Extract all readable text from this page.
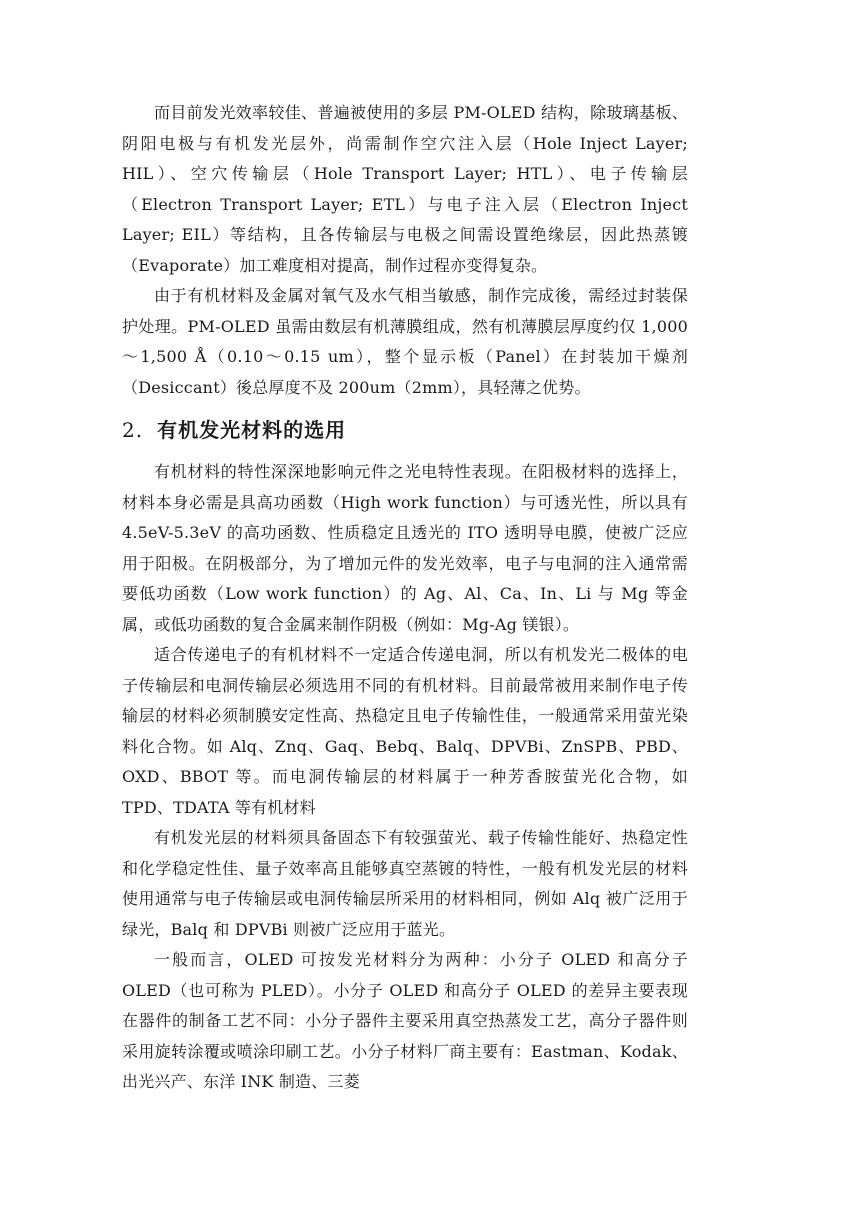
而目前发光效率较佳、普遍被使用的多层 PM-OLED 结构，除玻璃基板、阴阳电极与有机发光层外，尚需制作空穴注入层（Hole Inject Layer; HIL）、空穴传输层（Hole Transport Layer; HTL）、电子传输层（Electron Transport Layer; ETL）与电子注入层（Electron Inject Layer; EIL）等结构，且各传输层与电极之间需设置绝缘层，因此热蒸镀（Evaporate）加工难度相对提高，制作过程亦变得复杂。

由于有机材料及金属对氧气及水气相当敏感，制作完成後，需经过封装保护处理。PM-OLED 虽需由数层有机薄膜组成，然有机薄膜层厚度约仅 1,000～1,500 Å（0.10～0.15 um），整个显示板（Panel）在封装加干燥剂（Desiccant）後总厚度不及 200um（2mm），具轻薄之优势。

2. 有机发光材料的选用

有机材料的特性深深地影响元件之光电特性表现。在阳极材料的选择上，材料本身必需是具高功函数（High work function）与可透光性，所以具有 4.5eV-5.3eV 的高功函数、性质稳定且透光的 ITO 透明导电膜，使被广泛应用于阳极。在阴极部分，为了增加元件的发光效率，电子与电洞的注入通常需要低功函数（Low work function）的 Ag、Al、Ca、In、Li 与 Mg 等金属，或低功函数的复合金属来制作阴极（例如：Mg-Ag 镁银）。

适合传递电子的有机材料不一定适合传递电洞，所以有机发光二极体的电子传输层和电洞传输层必须选用不同的有机材料。目前最常被用来制作电子传输层的材料必须制膜安定性高、热稳定且电子传输性佳，一般通常采用萤光染料化合物。如 Alq、Znq、Gaq、Bebq、Balq、DPVBi、ZnSPB、PBD、OXD、BBOT 等。而电洞传输层的材料属于一种芳香胺萤光化合物，如 TPD、TDATA 等有机材料

有机发光层的材料须具备固态下有较强萤光、载子传输性能好、热稳定性和化学稳定性佳、量子效率高且能够真空蒸镀的特性，一般有机发光层的材料使用通常与电子传输层或电洞传输层所采用的材料相同，例如 Alq 被广泛用于绿光，Balq 和 DPVBi 则被广泛应用于蓝光。

一般而言，OLED 可按发光材料分为两种：小分子 OLED 和高分子 OLED（也可称为 PLED）。小分子 OLED 和高分子 OLED 的差异主要表现在器件的制备工艺不同：小分子器件主要采用真空热蒸发工艺，高分子器件则采用旋转涂覆或喷涂印刷工艺。小分子材料厂商主要有：Eastman、Kodak、出光兴产、东洋 INK 制造、三菱
